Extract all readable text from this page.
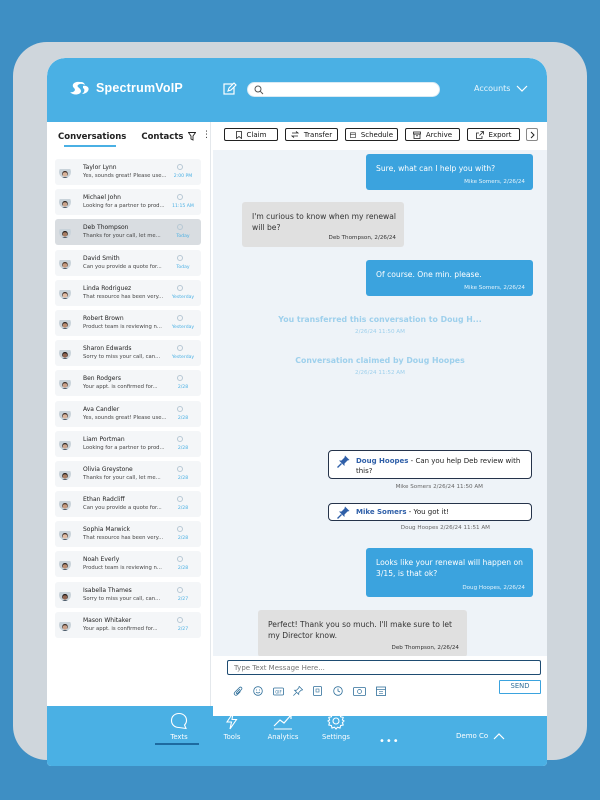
SpectrumVoIP	Accounts
Conversations Contacts ⋮
Taylor Lynn
Yes, sounds great! Please use...	2:00 PM
Michael John
Looking for a partner to prod...	11:15 AM
Deb Thompson
Thanks for your call, let me...	Today
David Smith
Can you provide a quote for...	Today
Linda Rodriguez
That resource has been very...	Yesterday
Robert Brown
Product team is reviewing n...	Yesterday
Sharon Edwards
Sorry to miss your call, can...	Yesterday
Ben Rodgers
Your appt. is confirmed for...	2/28
Ava Candler
Yes, sounds great! Please use...	2/28
Liam Portman
Looking for a partner to prod...	2/28
Olivia Greystone
Thanks for your call, let me...	2/28
Ethan Radcliff
Can you provide a quote for...	2/28
Sophia Marwick
That resource has been very...	2/28
Noah Everly
Product team is reviewing n...	2/28
Isabella Thames
Sorry to miss your call, can...	2/27
Mason Whitaker
Your appt. is confirmed for...	2/27
Claim	Transfer	Schedule	Archive	Export
Sure, what can I help you with?
Mike Somers, 2/26/24
I'm curious to know when my renewal will be?
Deb Thompson, 2/26/24
Of course. One min. please.
Mike Somers, 2/26/24
You transferred this conversation to Doug H...
2/26/24 11:50 AM
Conversation claimed by Doug Hoopes
2/26/24 11:52 AM
Doug Hoopes - Can you help Deb review with this?
Mike Somers 2/26/24 11:50 AM
Mike Somers - You got it!
Doug Hoopes 2/26/24 11:51 AM
Looks like your renewal will happen on 3/15, is that ok?
Doug Hoopes, 2/26/24
Perfect! Thank you so much. I'll make sure to let my Director know.
Deb Thompson, 2/26/24
Texts	Tools	Analytics	Settings	•••	Demo Co
Type Text Message Here...
GIF
SEND
